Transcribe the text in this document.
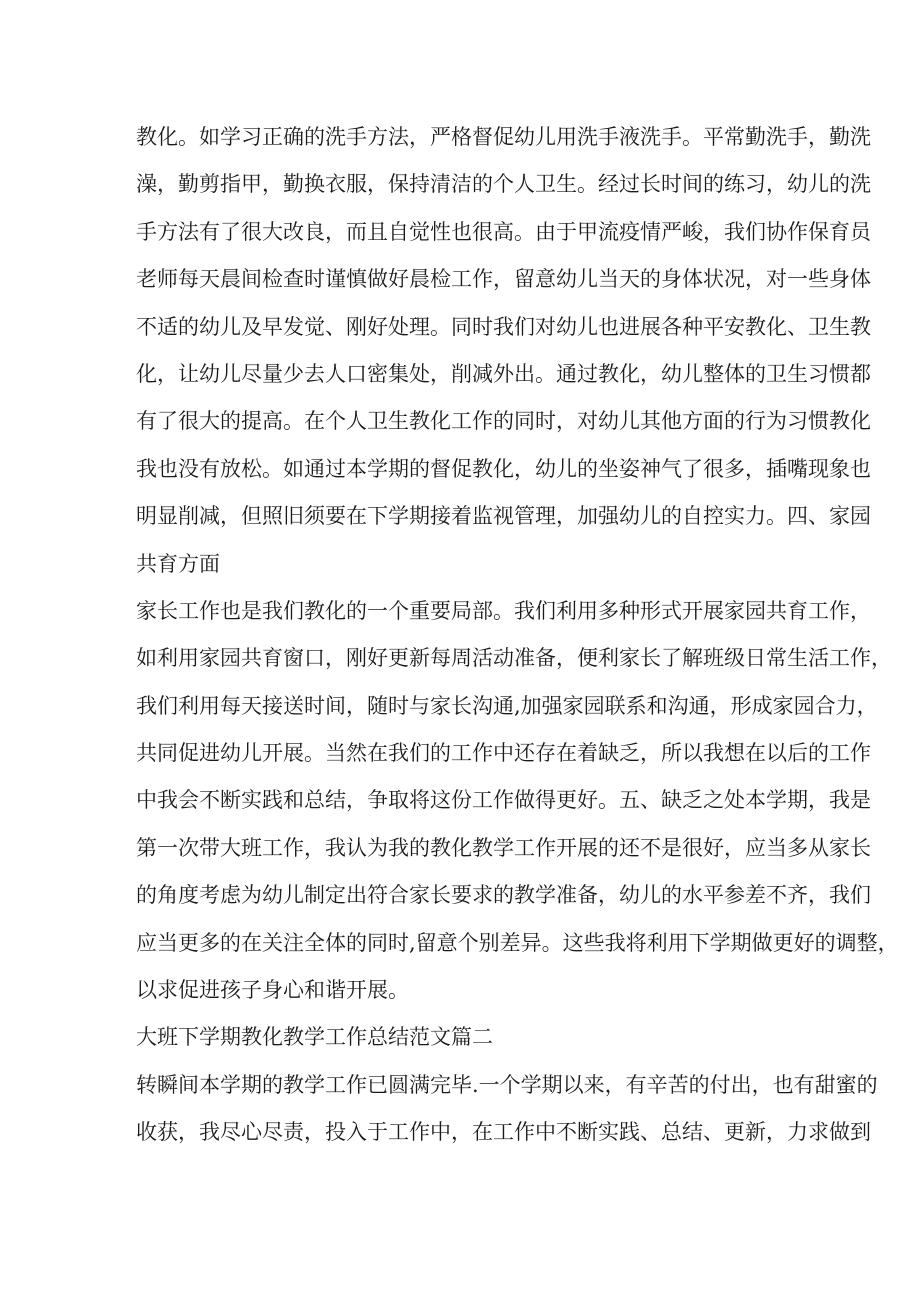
教化。如学习正确的洗手方法，严格督促幼儿用洗手液洗手。平常勤洗手，勤洗
澡，勤剪指甲，勤换衣服，保持清洁的个人卫生。经过长时间的练习，幼儿的洗
手方法有了很大改良，而且自觉性也很高。由于甲流疫情严峻，我们协作保育员
老师每天晨间检查时谨慎做好晨检工作，留意幼儿当天的身体状况，对一些身体
不适的幼儿及早发觉、刚好处理。同时我们对幼儿也进展各种平安教化、卫生教
化，让幼儿尽量少去人口密集处，削减外出。通过教化，幼儿整体的卫生习惯都
有了很大的提高。在个人卫生教化工作的同时，对幼儿其他方面的行为习惯教化
我也没有放松。如通过本学期的督促教化，幼儿的坐姿神气了很多，插嘴现象也
明显削减，但照旧须要在下学期接着监视管理，加强幼儿的自控实力。四、家园
共育方面
家长工作也是我们教化的一个重要局部。我们利用多种形式开展家园共育工作，
如利用家园共育窗口，刚好更新每周活动准备，便利家长了解班级日常生活工作，
我们利用每天接送时间，随时与家长沟通,加强家园联系和沟通，形成家园合力，
共同促进幼儿开展。当然在我们的工作中还存在着缺乏，所以我想在以后的工作
中我会不断实践和总结，争取将这份工作做得更好。五、缺乏之处本学期，我是
第一次带大班工作，我认为我的教化教学工作开展的还不是很好，应当多从家长
的角度考虑为幼儿制定出符合家长要求的教学准备，幼儿的水平参差不齐，我们
应当更多的在关注全体的同时,留意个别差异。这些我将利用下学期做更好的调整，
以求促进孩子身心和谐开展。
大班下学期教化教学工作总结范文篇二
转瞬间本学期的教学工作已圆满完毕.一个学期以来，有辛苦的付出，也有甜蜜的
收获，我尽心尽责，投入于工作中，在工作中不断实践、总结、更新，力求做到
